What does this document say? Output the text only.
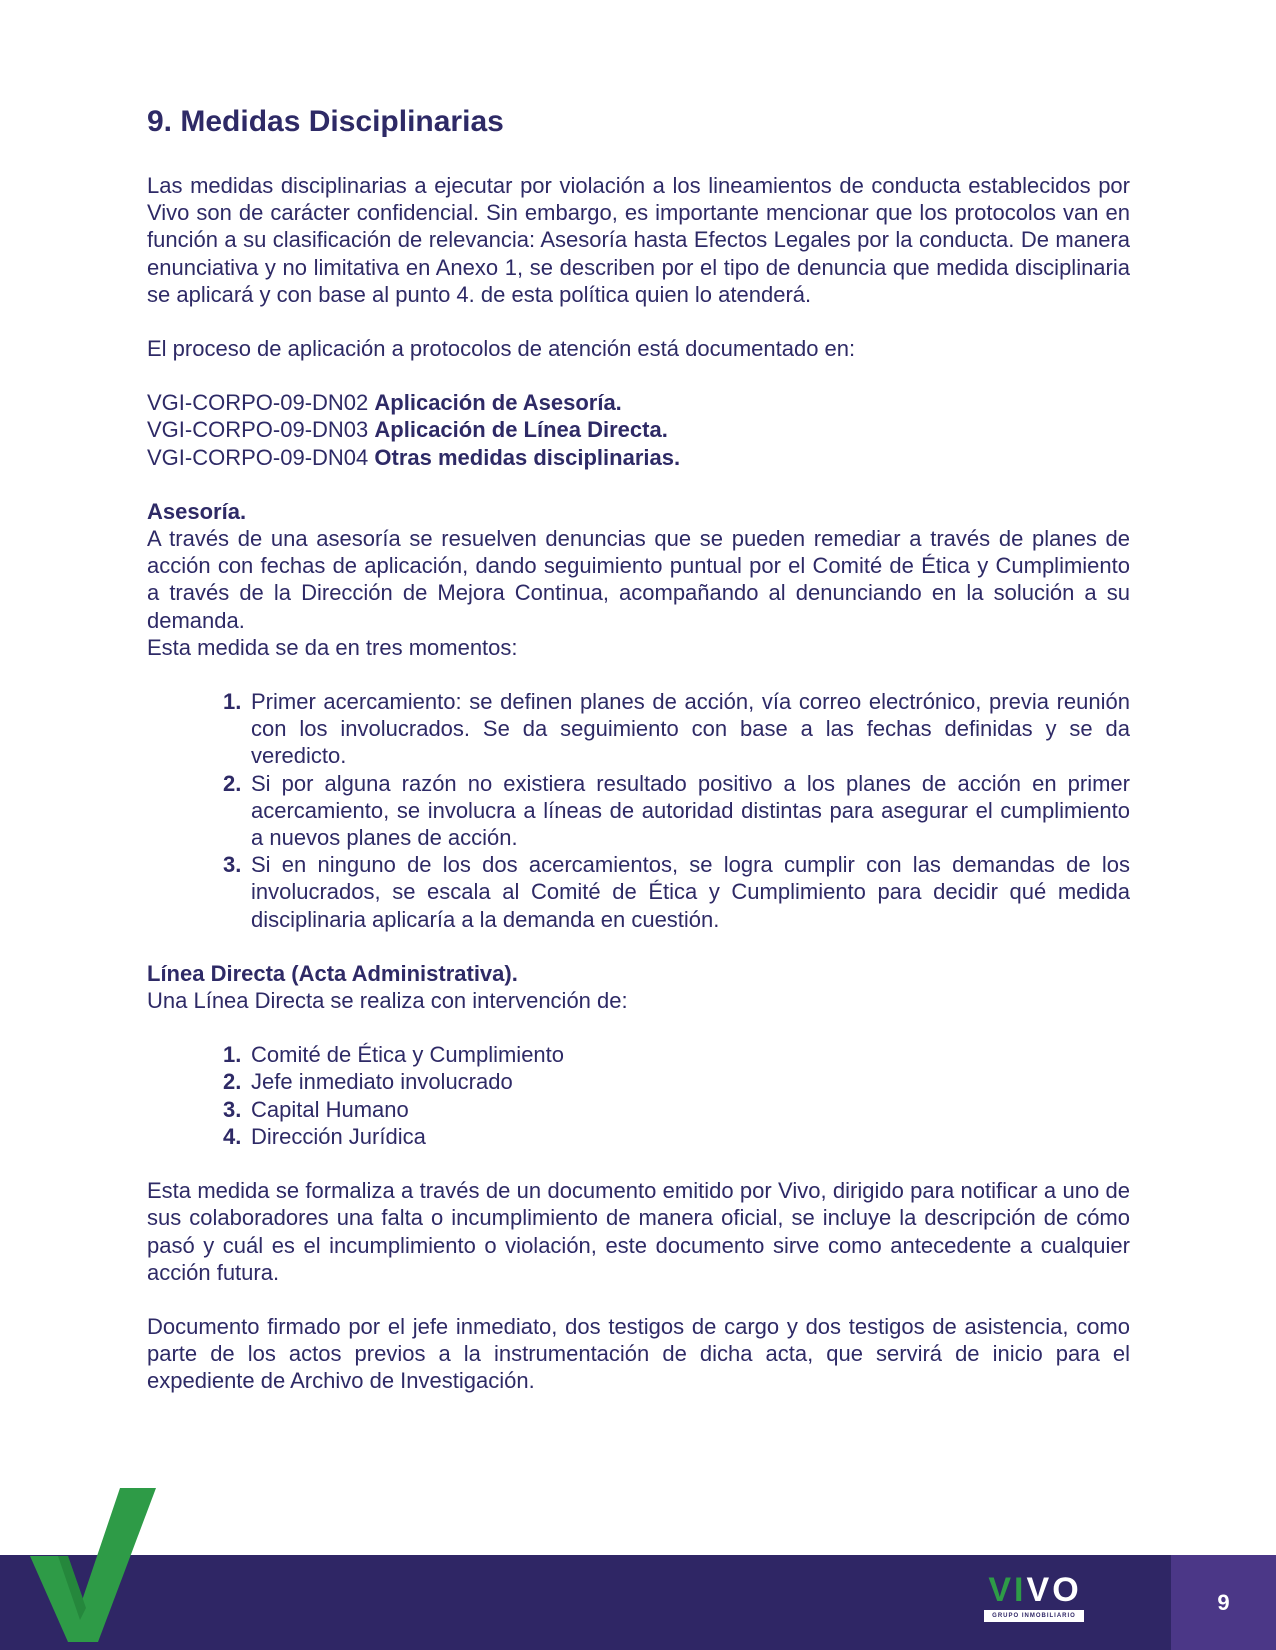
9. Medidas Disciplinarias

Las medidas disciplinarias a ejecutar por violación a los lineamientos de conducta establecidos por Vivo son de carácter confidencial. Sin embargo, es importante mencionar que los protocolos van en función a su clasificación de relevancia: Asesoría hasta Efectos Legales por la conducta. De manera enunciativa y no limitativa en Anexo 1, se describen por el tipo de denuncia que medida disciplinaria se aplicará y con base al punto 4. de esta política quien lo atenderá.

El proceso de aplicación a protocolos de atención está documentado en:

VGI-CORPO-09-DN02 Aplicación de Asesoría.
VGI-CORPO-09-DN03 Aplicación de Línea Directa.
VGI-CORPO-09-DN04 Otras medidas disciplinarias.
Asesoría.

A través de una asesoría se resuelven denuncias que se pueden remediar a través de planes de acción con fechas de aplicación, dando seguimiento puntual por el Comité de Ética y Cumplimiento a través de la Dirección de Mejora Continua, acompañando al denunciando en la solución a su demanda.

Esta medida se da en tres momentos:

1. Primer acercamiento: se definen planes de acción, vía correo electrónico, previa reunión con los involucrados. Se da seguimiento con base a las fechas definidas y se da veredicto.
2. Si por alguna razón no existiera resultado positivo a los planes de acción en primer acercamiento, se involucra a líneas de autoridad distintas para asegurar el cumplimiento a nuevos planes de acción.
3. Si en ninguno de los dos acercamientos, se logra cumplir con las demandas de los involucrados, se escala al Comité de Ética y Cumplimiento para decidir qué medida disciplinaria aplicaría a la demanda en cuestión.
Línea Directa (Acta Administrativa).

Una Línea Directa se realiza con intervención de:

1. Comité de Ética y Cumplimiento
2. Jefe inmediato involucrado
3. Capital Humano
4. Dirección Jurídica

Esta medida se formaliza a través de un documento emitido por Vivo, dirigido para notificar a uno de sus colaboradores una falta o incumplimiento de manera oficial, se incluye la descripción de cómo pasó y cuál es el incumplimiento o violación, este documento sirve como antecedente a cualquier acción futura.

Documento firmado por el jefe inmediato, dos testigos de cargo y dos testigos de asistencia, como parte de los actos previos a la instrumentación de dicha acta, que servirá de inicio para el expediente de Archivo de Investigación.

VIVO
GRUPO INMOBILIARIO
9
